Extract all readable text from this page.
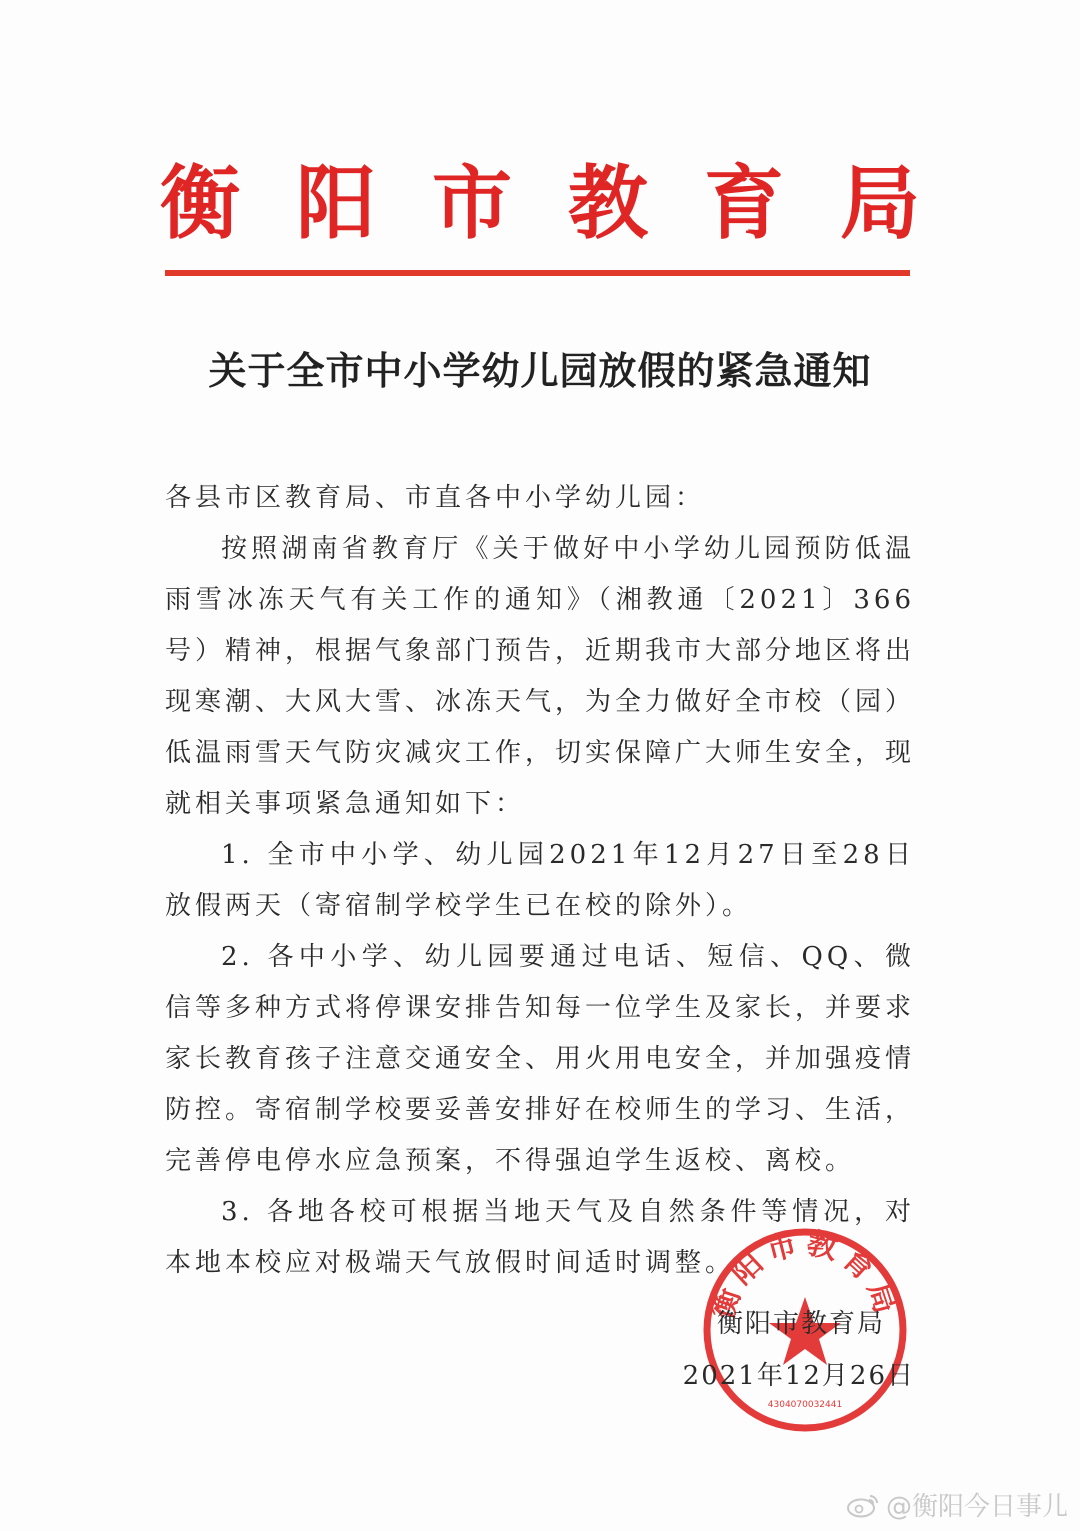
衡 阳 市 教 育 局
关于全市中小学幼儿园放假的紧急通知

各县市区教育局、市直各中小学幼儿园：

按照湖南省教育厅《关于做好中小学幼儿园预防低温雨雪冰冻天气有关工作的通知》（湘教通〔2021〕366号）精神，根据气象部门预告，近期我市大部分地区将出现寒潮、大风大雪、冰冻天气，为全力做好全市校（园）低温雨雪天气防灾减灾工作，切实保障广大师生安全，现就相关事项紧急通知如下：

1. 全市中小学、幼儿园2021年12月27日至28日放假两天（寄宿制学校学生已在校的除外）。

2. 各中小学、幼儿园要通过电话、短信、QQ、微信等多种方式将停课安排告知每一位学生及家长，并要求家长教育孩子注意交通安全、用火用电安全，并加强疫情防控。寄宿制学校要妥善安排好在校师生的学习、生活，完善停电停水应急预案，不得强迫学生返校、离校。

3. 各地各校可根据当地天气及自然条件等情况，对本地本校应对极端天气放假时间适时调整。

衡阳市教育局
4304070032441
衡阳市教育局
2021年12月26日
@衡阳今日事儿
